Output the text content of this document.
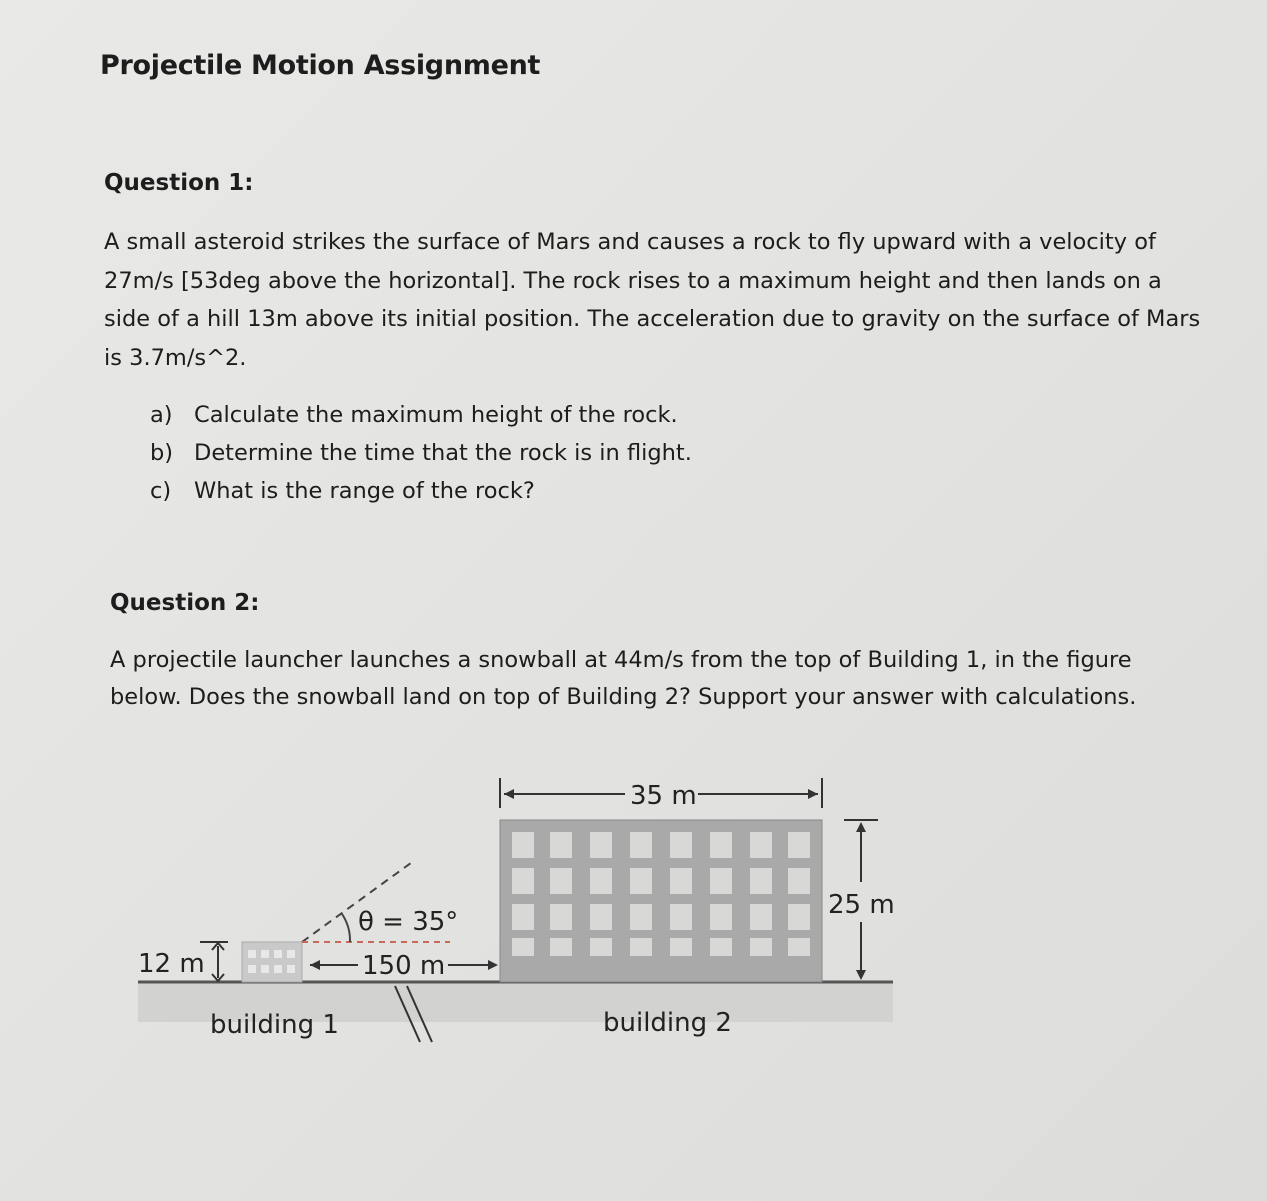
Projectile Motion Assignment
Question 1:

A small asteroid strikes the surface of Mars and causes a rock to fly upward with a velocity of 27m/s [53deg above the horizontal]. The rock rises to a maximum height and then lands on a side of a hill 13m above its initial position. The acceleration due to gravity on the surface of Mars is 3.7m/s^2.

a) Calculate the maximum height of the rock.
b) Determine the time that the rock is in flight.
c)	What is the range of the rock?
Question 2:

A projectile launcher launches a snowball at 44m/s from the top of Building 1, in the figure below. Does the snowball land on top of Building 2? Support your answer with calculations.

θ = 35°
12 m	150 m
35 m
25 m
building 1	building 2
